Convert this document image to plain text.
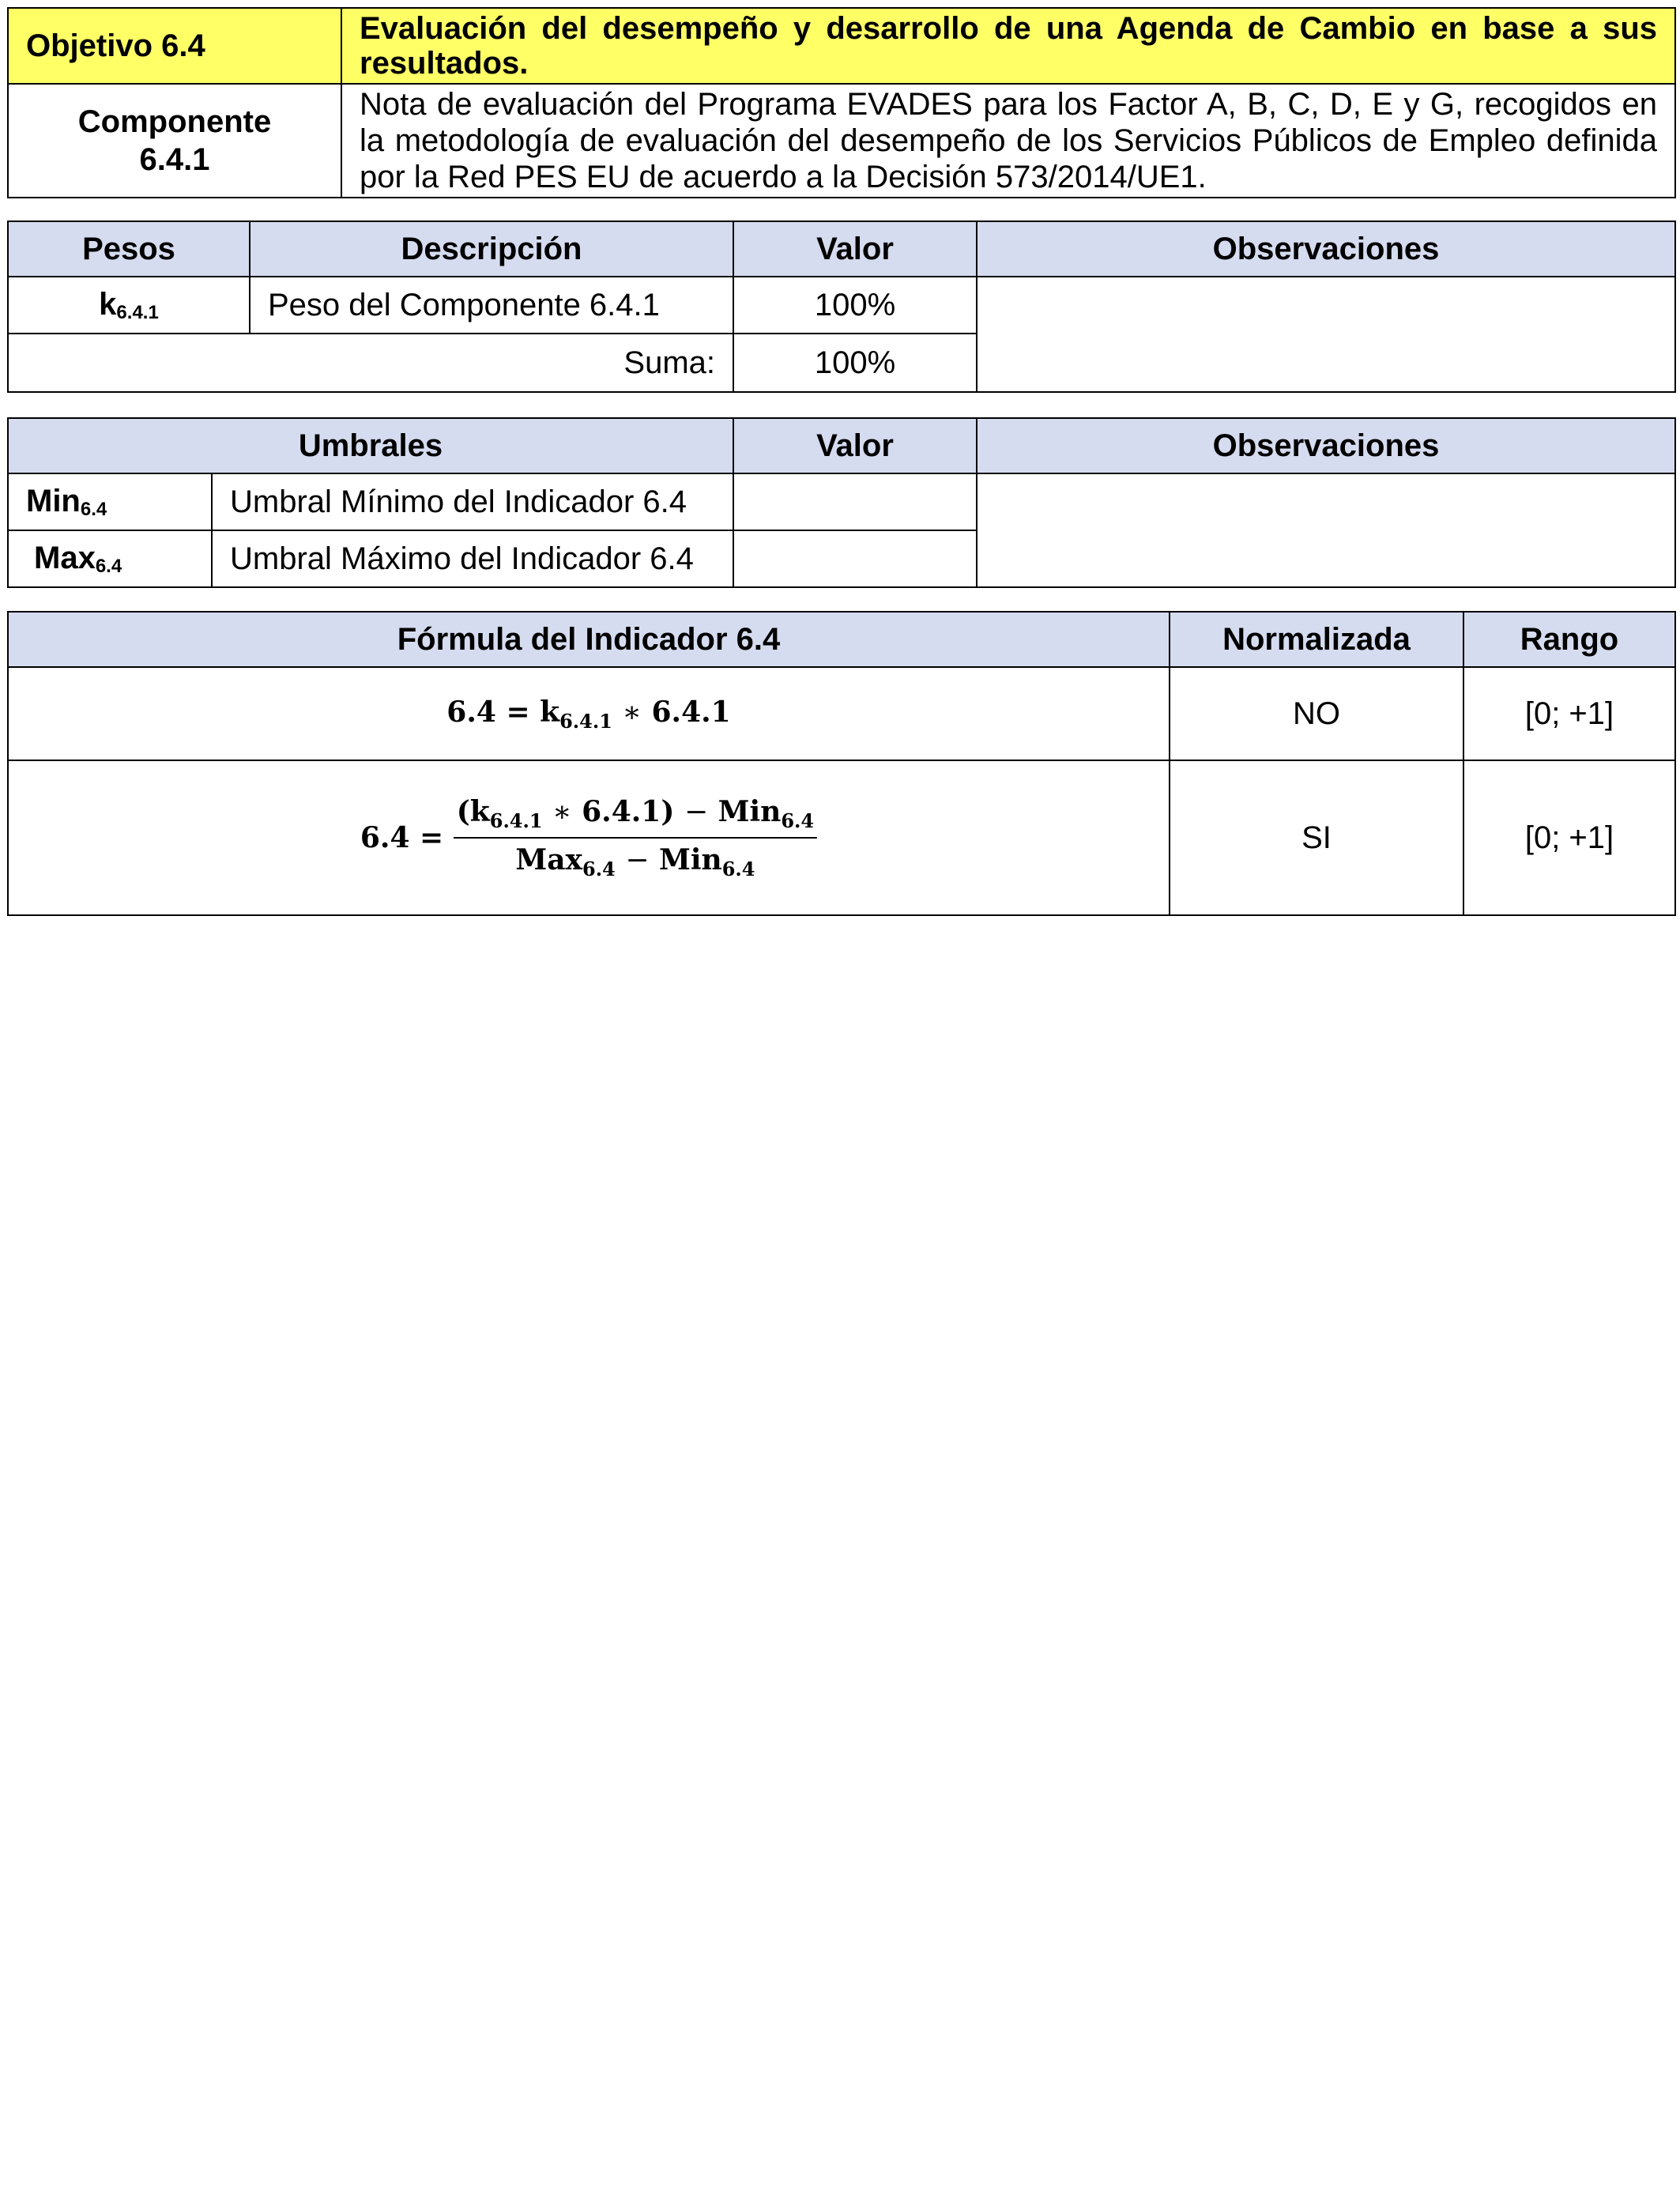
Objetivo 6.4	Evaluación del desempeño y desarrollo de una Agenda de Cambio en base a sus resultados.
Componente 6.4.1	Nota de evaluación del Programa EVADES para los Factor A, B, C, D, E y G, recogidos en la metodología de evaluación del desempeño de los Servicios Públicos de Empleo definida por la Red PES EU de acuerdo a la Decisión 573/2014/UE1.
Pesos	Descripción	Valor	Observaciones
$k_{6.4.1}$	Peso del Componente 6.4.1	100%	
Suma:		100%	
Umbrales		Valor	Observaciones
Min$_{6.4}$	Umbral Mínimo del Indicador 6.4		
Max$_{6.4}$	Umbral Máximo del Indicador 6.4		
Fórmula del Indicador 6.4	Normalizada	Rango
$6.4 = k_{6.4.1}$ ∗ 6.4.1	NO	[0; +1]
$6.4 = \frac{(k_{6.4.1} ∗ 6.4.1) - Min_{6.4}}{Max_{6.4} - Min_{6.4}}$	SI	[0; +1]
